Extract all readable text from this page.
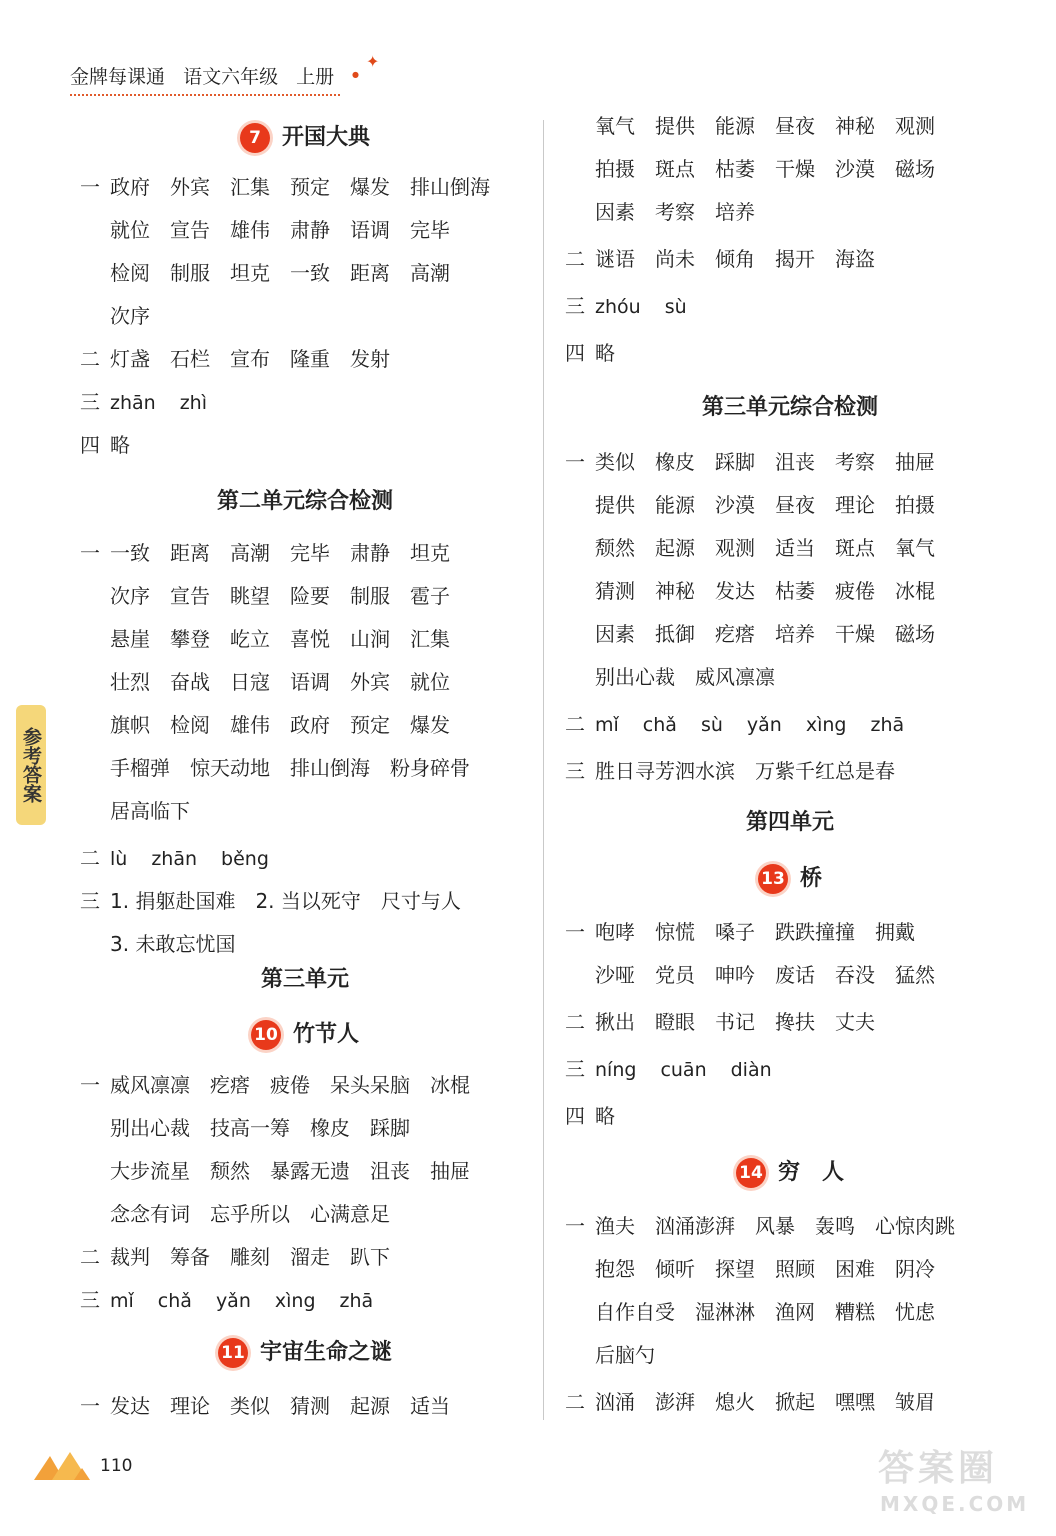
金牌每课通 语文六年级 上册
✦
●
参考答案
7 开国大典
一 政府 外宾 汇集 预定 爆发 排山倒海
就位 宣告 雄伟 肃静 语调 完毕
检阅 制服 坦克 一致 距离 高潮
次序
二 灯盏 石栏 宣布 隆重 发射
三 zhān zhì
四 略
第二单元综合检测
一 一致 距离 高潮 完毕 肃静 坦克
次序 宣告 眺望 险要 制服 雹子
悬崖 攀登 屹立 喜悦 山涧 汇集
壮烈 奋战 日寇 语调 外宾 就位
旗帜 检阅 雄伟 政府 预定 爆发
手榴弹 惊天动地 排山倒海 粉身碎骨
居高临下
二 lù zhān běng
三 1. 捐躯赴国难 2. 当以死守 尺寸与人
3. 未敢忘忧国
第三单元
10 竹节人
一 威风凛凛 疙瘩 疲倦 呆头呆脑 冰棍
别出心裁 技高一筹 橡皮 踩脚
大步流星 颓然 暴露无遗 沮丧 抽屉
念念有词 忘乎所以 心满意足
二 裁判 筹备 雕刻 溜走 趴下
三 mǐ chǎ yǎn xìng zhā
11 宇宙生命之谜
一 发达 理论 类似 猜测 起源 适当
氧气 提供 能源 昼夜 神秘 观测
拍摄 斑点 枯萎 干燥 沙漠 磁场
因素 考察 培养
二 谜语 尚未 倾角 揭开 海盗
三 zhóu sù
四 略
第三单元综合检测
一 类似 橡皮 踩脚 沮丧 考察 抽屉
提供 能源 沙漠 昼夜 理论 拍摄
颓然 起源 观测 适当 斑点 氧气
猜测 神秘 发达 枯萎 疲倦 冰棍
因素 抵御 疙瘩 培养 干燥 磁场
别出心裁 威风凛凛
二 mǐ chǎ sù yǎn xìng zhā
三 胜日寻芳泗水滨 万紫千红总是春
第四单元
13 桥
一 咆哮 惊慌 嗓子 跌跌撞撞 拥戴
沙哑 党员 呻吟 废话 吞没 猛然
二 揪出 瞪眼 书记 搀扶 丈夫
三 níng cuān diàn
四 略
14 穷　人
一 渔夫 汹涌澎湃 风暴 轰鸣 心惊肉跳
抱怨 倾听 探望 照顾 困难 阴冷
自作自受 湿淋淋 渔网 糟糕 忧虑
后脑勺
二 汹涌 澎湃 熄火 掀起 嘿嘿 皱眉
110	答案圈
MXQE.COM
